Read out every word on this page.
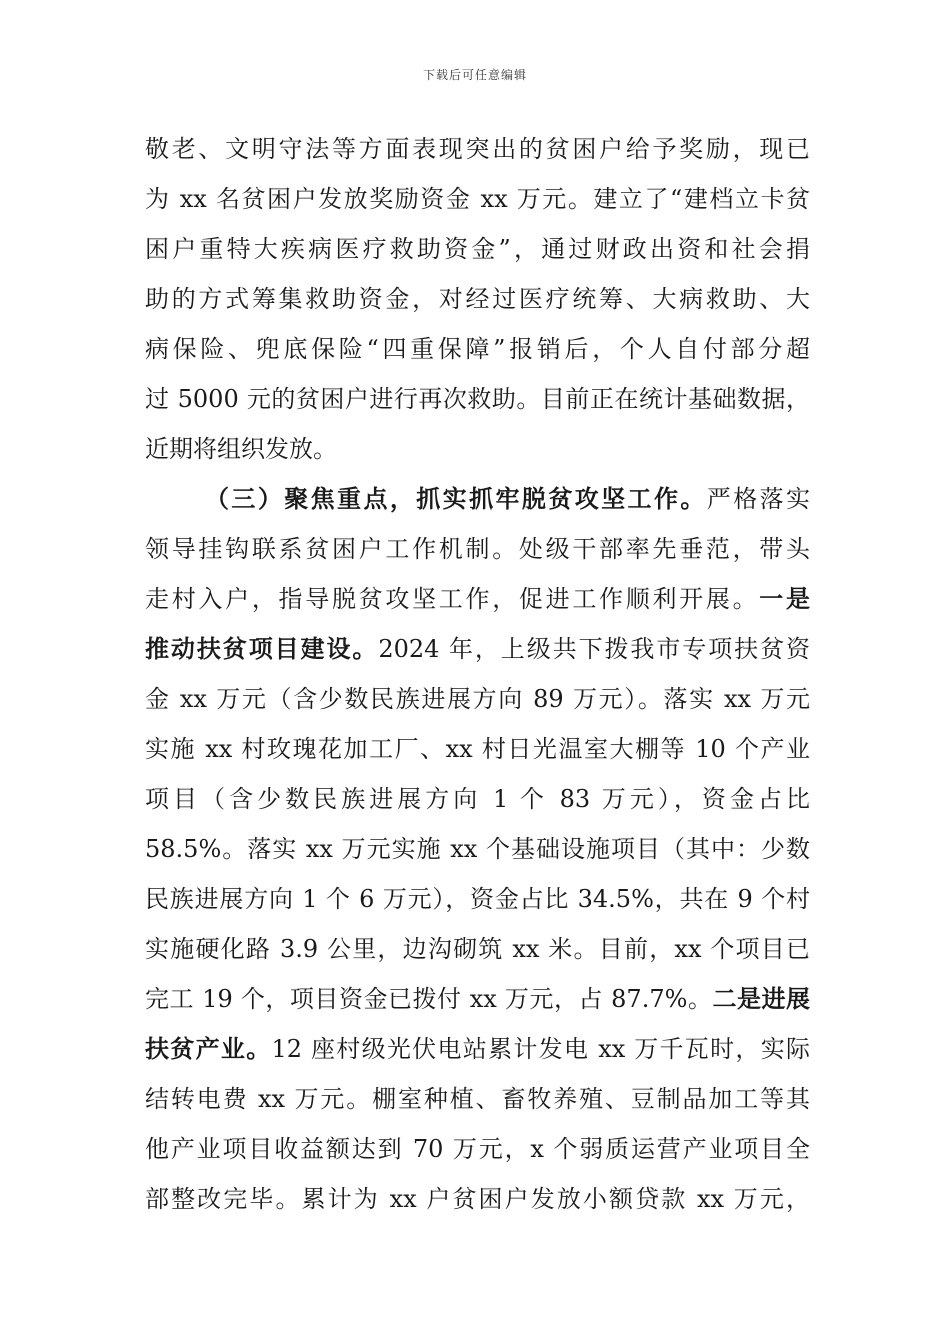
下载后可任意编辑
敬老、文明守法等方面表现突出的贫困户给予奖励，现已
为 xx 名贫困户发放奖励资金 xx 万元。建立了“建档立卡贫
困户重特大疾病医疗救助资金”，通过财政出资和社会捐
助的方式筹集救助资金，对经过医疗统筹、大病救助、大
病保险、兜底保险“四重保障”报销后，个人自付部分超
过 5000 元的贫困户进行再次救助。目前正在统计基础数据，
近期将组织发放。
（三）聚焦重点，抓实抓牢脱贫攻坚工作。严格落实
领导挂钩联系贫困户工作机制。处级干部率先垂范，带头
走村入户，指导脱贫攻坚工作，促进工作顺利开展。一是
推动扶贫项目建设。2024 年，上级共下拨我市专项扶贫资
金 xx 万元（含少数民族进展方向 89 万元）。落实 xx 万元
实施 xx 村玫瑰花加工厂、xx 村日光温室大棚等 10 个产业
项目（含少数民族进展方向 1 个 83 万元），资金占比
58.5%。落实 xx 万元实施 xx 个基础设施项目（其中：少数
民族进展方向 1 个 6 万元），资金占比 34.5%，共在 9 个村
实施硬化路 3.9 公里，边沟砌筑 xx 米。目前，xx 个项目已
完工 19 个，项目资金已拨付 xx 万元，占 87.7%。二是进展
扶贫产业。12 座村级光伏电站累计发电 xx 万千瓦时，实际
结转电费 xx 万元。棚室种植、畜牧养殖、豆制品加工等其
他产业项目收益额达到 70 万元，x 个弱质运营产业项目全
部整改完毕。累计为 xx 户贫困户发放小额贷款 xx 万元，
